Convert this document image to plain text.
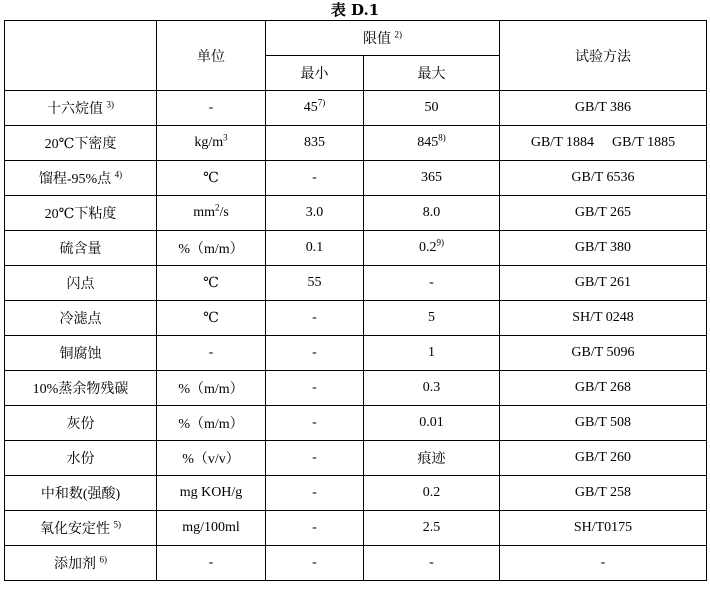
表 D.1
	单位	限值 $^{2)}$		试验方法
		最小	最大	
十六烷值 $^{3)}$	-	45$^{7)}$	50	GB/T 386
20℃下密度	$kg/m^3$	835	845$^{8)}$	GB/T 1884 GB/T 1885
馏程-95%点 $^{4)}$	℃	-	365	GB/T 6536
20℃下粘度	$mm^2/s$	3.0	8.0	GB/T 265
硫含量	%（m/m）	0.1	0.2$^{9)}$	GB/T 380
闪点	℃	55	-	GB/T 261
冷滤点	℃	-	5	SH/T 0248
铜腐蚀	-	-	1	GB/T 5096
10%蒸余物残碳	%（m/m）	-	0.3	GB/T 268
灰份	%（m/m）	-	0.01	GB/T 508
水份	%（v/v）	-	痕迹	GB/T 260
中和数(强酸)	mg KOH/g	-	0.2	GB/T 258
氧化安定性 $^{5)}$	mg/100ml	-	2.5	SH/T0175
添加剂 $^{6)}$	-	-	-	-
